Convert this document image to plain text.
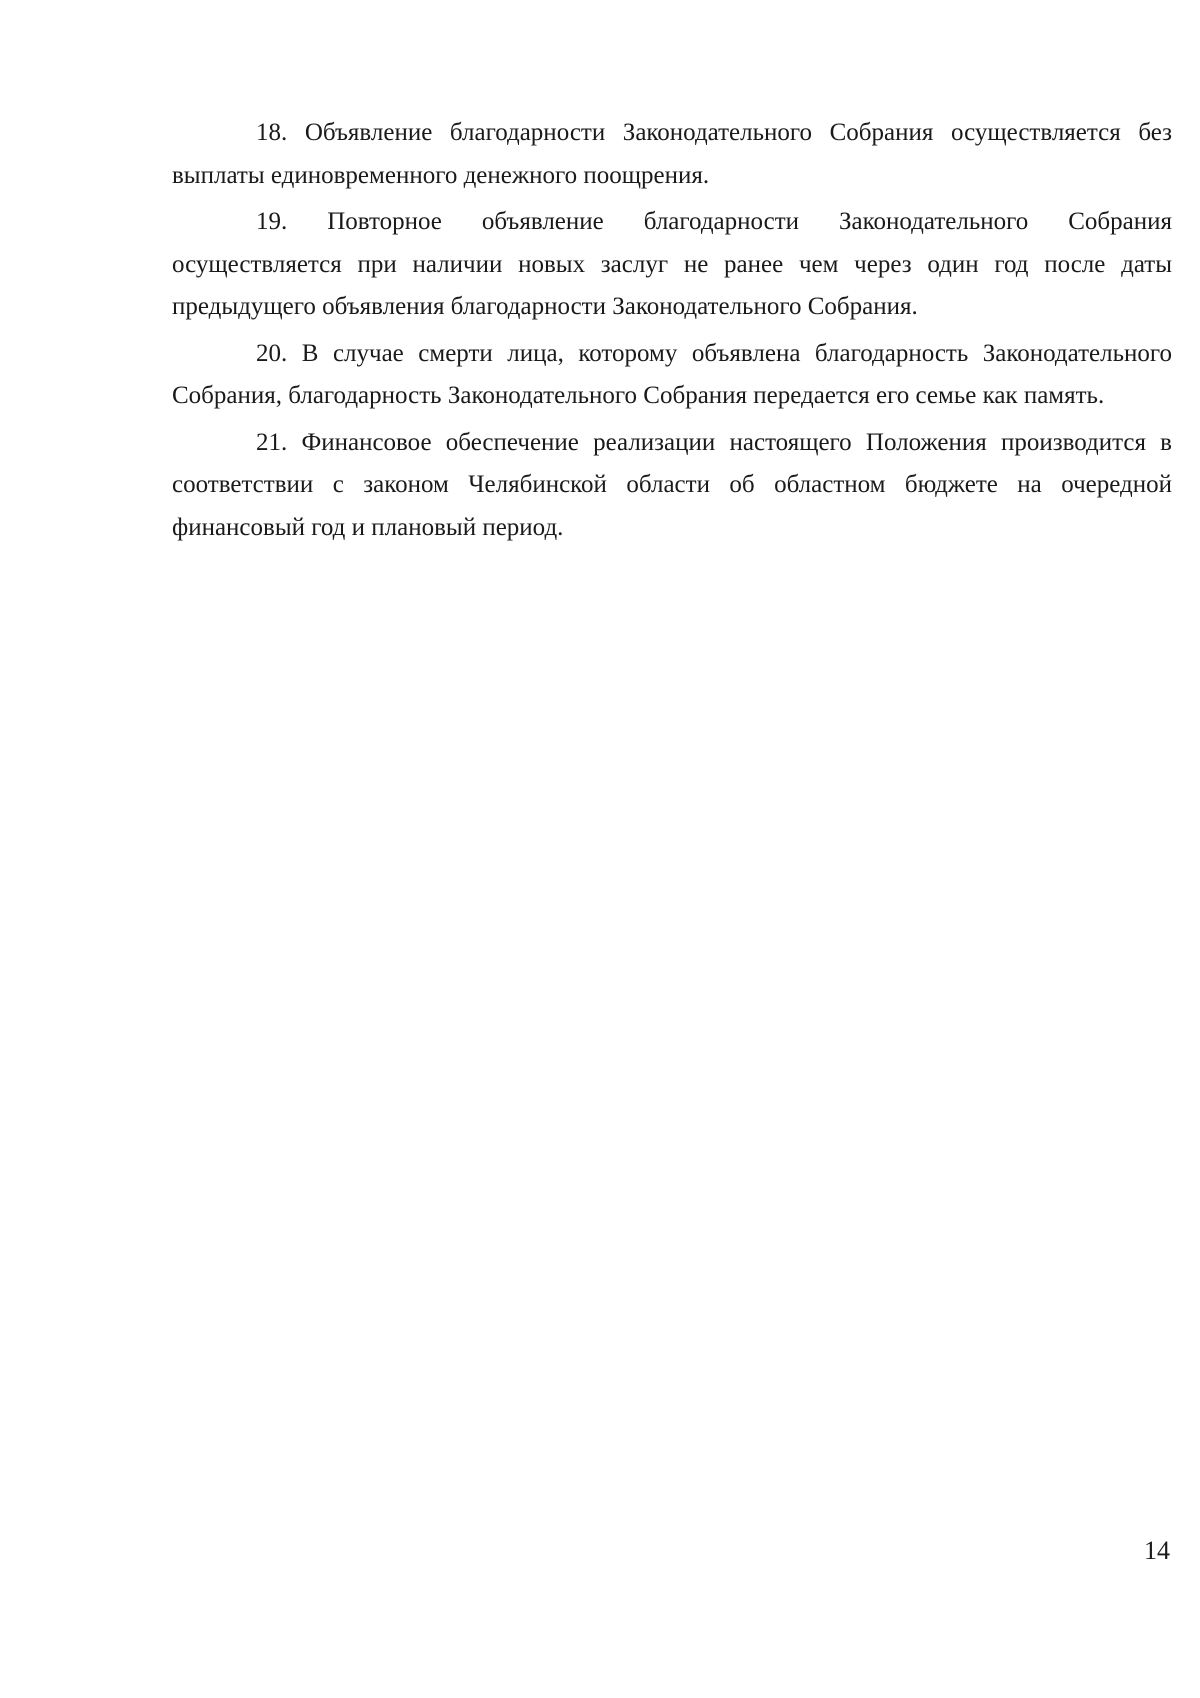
18. Объявление благодарности Законодательного Собрания осуществляется без выплаты единовременного денежного поощрения.

19. Повторное объявление благодарности Законодательного Собрания осуществляется при наличии новых заслуг не ранее чем через один год после даты предыдущего объявления благодарности Законодательного Собрания.

20. В случае смерти лица, которому объявлена благодарность Законодательного Собрания, благодарность Законодательного Собрания передается его семье как память.

21. Финансовое обеспечение реализации настоящего Положения производится в соответствии с законом Челябинской области об областном бюджете на очередной финансовый год и плановый период.

14
